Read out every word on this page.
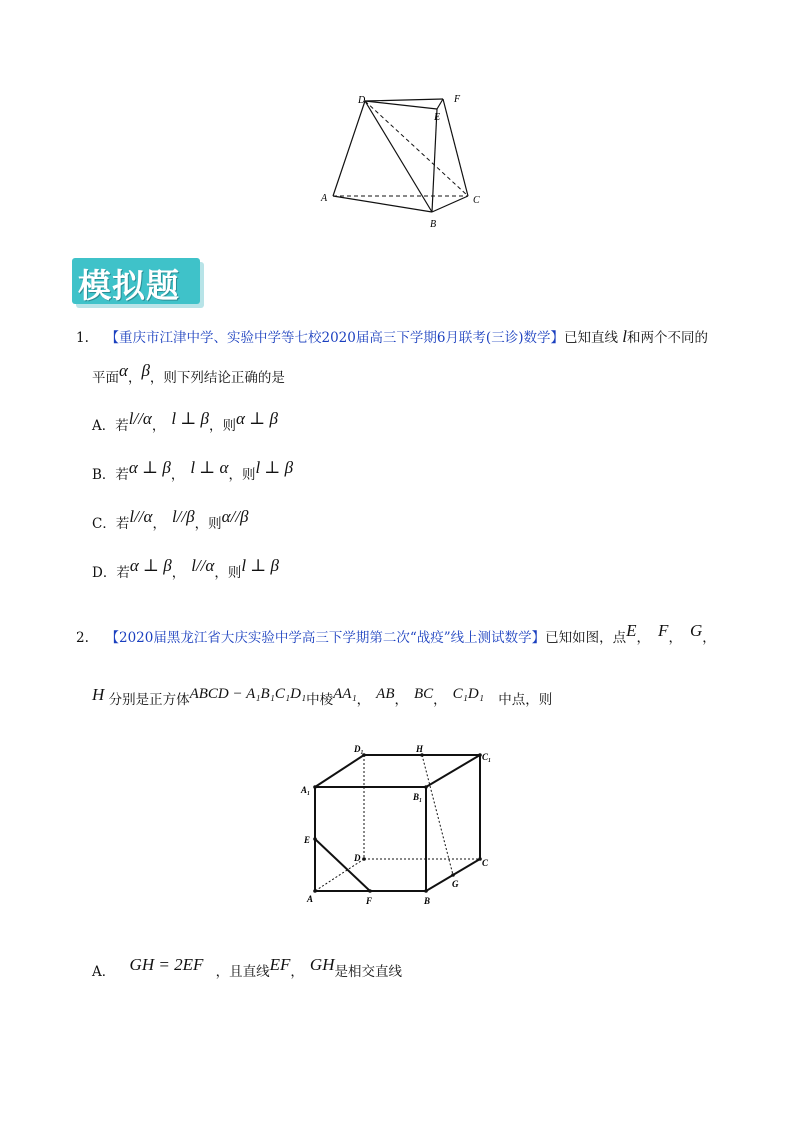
D	F
E
A
B
C
模拟题
1. 【重庆市江津中学、实验中学等七校2020届高三下学期6月联考(三诊)数学】已知直线 l和两个不同的
平面α，β，则下列结论正确的是
A．若l//α， l ⊥ β，则α ⊥ β
B．若α ⊥ β， l ⊥ α，则l ⊥ β
C．若l//α， l//β，则α//β
D．若α ⊥ β， l//α，则l ⊥ β
2. 【2020届黑龙江省大庆实验中学高三下学期第二次“战疫”线上测试数学】已知如图，点E， F， G，
H 分别是正方体ABCD − A₁B₁C₁D₁中棱AA₁， AB， BC， C₁D₁ 中点，则
D₁	H
C₁
A₁
B₁
E
D	C
G
A	F	B
A． GH = 2EF ，且直线EF， GH是相交直线
